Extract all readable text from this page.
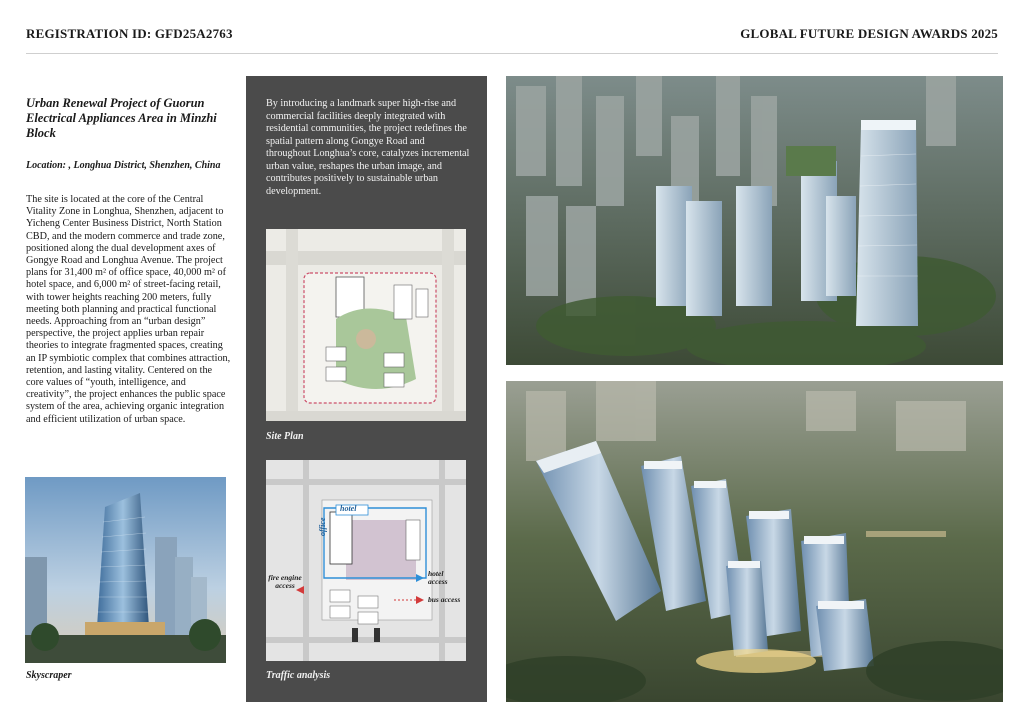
REGISTRATION ID: GFD25A2763	GLOBAL FUTURE DESIGN AWARDS 2025
Urban Renewal Project of Guorun Electrical Appliances Area in Minzhi Block
Location: , Longhua District, Shenzhen, China
The site is located at the core of the Central Vitality Zone in Longhua, Shenzhen, adjacent to Yicheng Center Business District, North Station CBD, and the modern commerce and trade zone, positioned along the dual development axes of Gongye Road and Longhua Avenue. The project plans for 31,400 m² of office space, 40,000 m² of hotel space, and 6,000 m² of street-facing retail, with tower heights reaching 200 meters, fully meeting both planning and practical functional needs. Approaching from an “urban design” perspective, the project applies urban repair theories to integrate fragmented spaces, creating an IP symbiotic complex that combines attraction, retention, and lasting vitality. Centered on the core values of “youth, intelligence, and creativity”, the project enhances the public space system of the area, achieving organic integration and efficient utilization of urban space.
Skyscraper
By introducing a landmark super high-rise and commercial facilities deeply integrated with residential communities, the project redefines the spatial pattern along Gongye Road and throughout Longhua’s core, catalyzes incremental urban value, reshapes the urban image, and contributes positively to sustainable urban development.
Site Plan
hotel
office
fire engine access
hotel access
bus access
Traffic analysis
